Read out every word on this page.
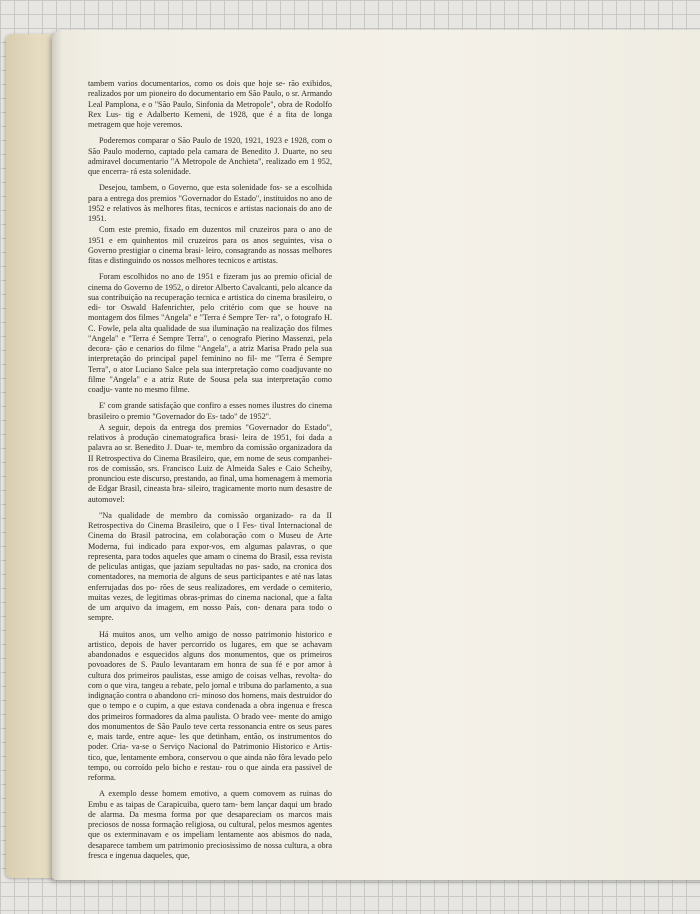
tambem varios documentarios, como os dois que hoje se- rão exibidos, realizados por um pioneiro do documentario em São Paulo, o sr. Armando Leal Pamplona, e o "São Paulo, Sinfonia da Metropole", obra de Rodolfo Rex Lus- tig e Adalberto Kemeni, de 1928, que é a fita de longa metragem que hoje veremos.

Poderemos comparar o São Paulo de 1920, 1921, 1923 e 1928, com o São Paulo moderno, captado pela camara de Benedito J. Duarte, no seu admiravel documentario "A Metropole de Anchieta", realizado em 1 952, que encerra- rá esta solenidade.

Desejou, tambem, o Governo, que esta solenidade fos- se a escolhida para a entrega dos premios "Governador do Estado", instituidos no ano de 1952 e relativos às melhores fitas, tecnicos e artistas nacionais do ano de 1951.

Com este premio, fixado em duzentos mil cruzeiros para o ano de 1951 e em quinhentos mil cruzeiros para os anos seguintes, visa o Governo prestigiar o cinema brasi- leiro, consagrando as nossas melhores fitas e distinguindo os nossos melhores tecnicos e artistas.

Foram escolhidos no ano de 1951 e fizeram jus ao premio oficial de cinema do Governo de 1952, o diretor Alberto Cavalcanti, pelo alcance da sua contribuição na recuperação tecnica e artistica do cinema brasileiro, o edi- tor Oswald Hafenrichter, pelo critério com que se houve na montagem dos filmes "Angela" e "Terra é Sempre Ter- ra", o fotografo H. C. Fowle, pela alta qualidade de sua iluminação na realização dos filmes "Angela" e "Terra é Sempre Terra", o cenografo Pierino Massenzi, pela decora- ção e cenarios do filme "Angela", a atriz Marisa Prado pela sua interpretação do principal papel feminino no fil- me "Terra é Sempre Terra", o ator Luciano Salce pela sua interpretação como coadjuvante no filme "Angela" e a atriz Rute de Sousa pela sua interpretação como coadju- vante no mesmo filme.

E' com grande satisfação que confiro a esses nomes ilustres do cinema brasileiro o premio "Governador do Es- tado" de 1952".

A seguir, depois da entrega dos premios "Governador do Estado", relativos à produção cinematografica brasi- leira de 1951, foi dada a palavra ao sr. Benedito J. Duar- te, membro da comissão organizadora da II Retrospectiva do Cinema Brasileiro, que, em nome de seus companhei- ros de comissão, srs. Francisco Luiz de Almeida Sales e Caio Scheiby, pronunciou este discurso, prestando, ao final, uma homenagem à memoria de Edgar Brasil, cineasta bra- sileiro, tragicamente morto num desastre de automovel:

"Na qualidade de membro da comissão organizado- ra da II Retrospectiva do Cinema Brasileiro, que o I Fes- tival Internacional de Cinema do Brasil patrocina, em colaboração com o Museu de Arte Moderna, fui indicado para expor-vos, em algumas palavras, o que representa, para todos aqueles que amam o cinema do Brasil, essa revista de peliculas antigas, que jaziam sepultadas no pas- sado, na cronica dos comentadores, na memoria de alguns de seus participantes e até nas latas enferrujadas dos po- rões de seus realizadores, em verdade o cemiterio, muitas vezes, de legitimas obras-primas do cinema nacional, que a falta de um arquivo da imagem, em nosso País, con- denara para todo o sempre.

Há muitos anos, um velho amigo de nosso patrimonio historico e artistico, depois de haver percorrido os lugares, em que se achavam abandonados e esquecidos alguns dos monumentos, que os primeiros povoadores de S. Paulo levantaram em honra de sua fé e por amor à cultura dos primeiros paulistas, esse amigo de coisas velhas, revolta- do com o que vira, tangeu a rebate, pelo jornal e tribuna do parlamento, a sua indignação contra o abandono cri- minoso dos homens, mais destruidor do que o tempo e o cupim, a que estava condenada a obra ingenua e fresca dos primeiros formadores da alma paulista. O brado vee- mente do amigo dos monumentos de São Paulo teve certa ressonancia entre os seus pares e, mais tarde, entre aque- les que detinham, então, os instrumentos do poder. Cria- va-se o Serviço Nacional do Patrimonio Historico e Artis- tico, que, lentamente embora, conservou o que ainda não fôra levado pelo tempo, ou corroído pelo bicho e restau- rou o que ainda era passivel de reforma.

A exemplo desse homem emotivo, a quem comovem as ruinas do Embu e as taipas de Carapicuiba, quero tam- bem lançar daqui um brado de alarma. Da mesma forma por que desapareciam os marcos mais preciosos de nossa formação religiosa, ou cultural, pelos mesmos agentes que os exterminavam e os impeliam lentamente aos abismos do nada, desaparece tambem um patrimonio preciosissimo de nossa cultura, a obra fresca e ingenua daqueles, que,
